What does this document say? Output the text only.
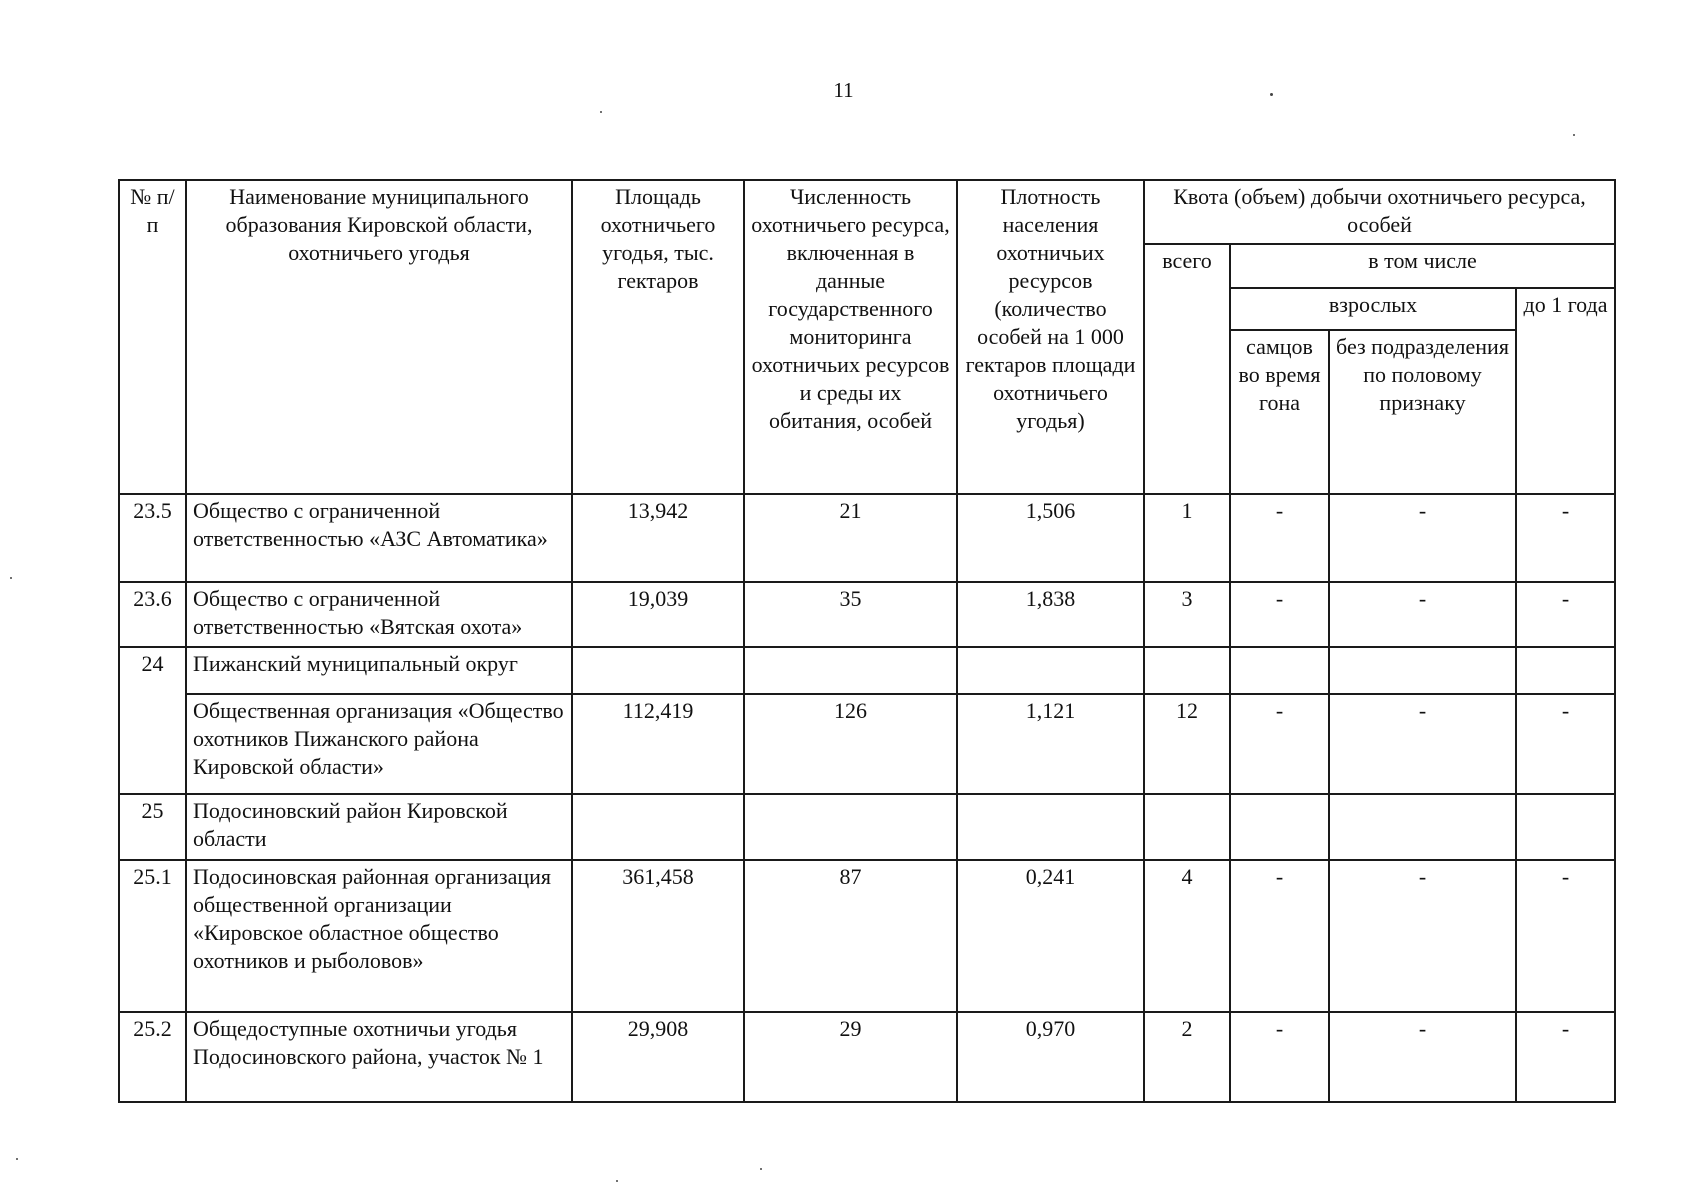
11
№ п/п	Наименование муниципального образования Кировской области, охотничьего угодья	Площадь охотничьего угодья, тыс. гектаров	Численность охотничьего ресурса, включенная в данные государственного мониторинга охотничьих ресурсов и среды их обитания, особей	Плотность населения охотничьих ресурсов (количество особей на 1 000 гектаров площади охотничьего угодья)	Квота (объем) добычи охотничьего ресурса, особей			
					всего	в том числе		
						взрослых		до 1 года
						самцов во время гона	без подразделения по половому признаку	
23.5	Общество с ограниченной ответственностью «АЗС Автоматика»	13,942	21	1,506	1	-	-	-
23.6	Общество с ограниченной ответственностью «Вятская охота»	19,039	35	1,838	3	-	-	-
24	Пижанский муниципальный округ							
	Общественная организация «Общество охотников Пижанского района Кировской области»	112,419	126	1,121	12	-	-	-
25	Подосиновский район Кировской области							
25.1	Подосиновская районная организация общественной организации «Кировское областное общество охотников и рыболовов»	361,458	87	0,241	4	-	-	-
25.2	Общедоступные охотничьи угодья Подосиновского района, участок № 1	29,908	29	0,970	2	-	-	-
